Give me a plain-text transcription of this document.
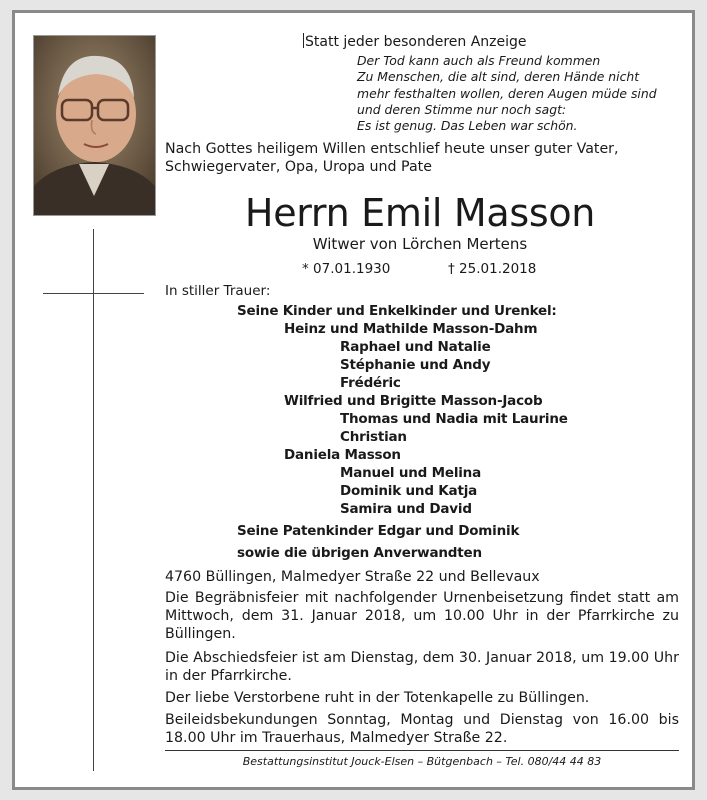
Statt jeder besonderen Anzeige
Der Tod kann auch als Freund kommen
Zu Menschen, die alt sind, deren Hände nicht
mehr festhalten wollen, deren Augen müde sind
und deren Stimme nur noch sagt:
Es ist genug. Das Leben war schön.
Nach Gottes heiligem Willen entschlief heute unser guter Vater,
Schwiegervater, Opa, Uropa und Pate
Herrn Emil Masson
Witwer von Lörchen Mertens
* 07.01.1930	† 25.01.2018
In stiller Trauer:
Seine Kinder und Enkelkinder und Urenkel:
Heinz und Mathilde Masson-Dahm
Raphael und Natalie
Stéphanie und Andy
Frédéric
Wilfried und Brigitte Masson-Jacob
Thomas und Nadia mit Laurine
Christian
Daniela Masson
Manuel und Melina
Dominik und Katja
Samira und David
Seine Patenkinder Edgar und Dominik
sowie die übrigen Anverwandten
4760 Büllingen, Malmedyer Straße 22 und Bellevaux
Die Begräbnisfeier mit nachfolgender Urnenbeisetzung findet statt am Mittwoch, dem 31. Januar 2018, um 10.00 Uhr in der Pfarrkirche zu Büllingen.
Die Abschiedsfeier ist am Dienstag, dem 30. Januar 2018, um 19.00 Uhr in der Pfarrkirche.
Der liebe Verstorbene ruht in der Totenkapelle zu Büllingen.
Beileidsbekundungen Sonntag, Montag und Dienstag von 16.00 bis 18.00 Uhr im Trauerhaus, Malmedyer Straße 22.
Bestattungsinstitut Jouck-Elsen – Bütgenbach – Tel. 080/44 44 83
